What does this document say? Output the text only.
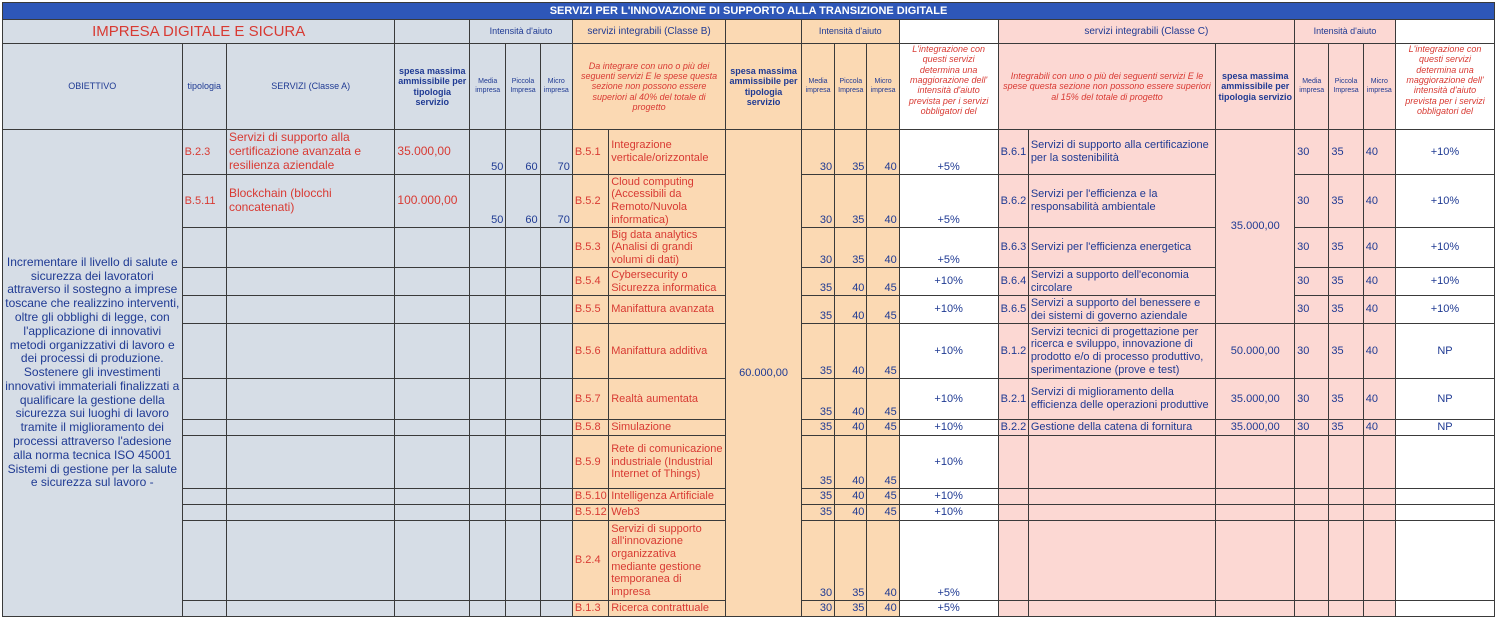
SERVIZI PER L'INNOVAZIONE DI SUPPORTO ALLA TRANSIZIONE DIGITALE																				
IMPRESA DIGITALE E SICURA				Intensità d'aiuto			servizi integrabili (Classe B)			Intensità d'aiuto				servizi integrabili (Classe C)			Intensità d'aiuto			
OBIETTIVO	tipologia	SERVIZI (Classe A)	spesa massima ammissibile per tipologia servizio	Media impresa	Piccola Impresa	Micro impresa	Da integrare con uno o più dei seguenti servizi E le spese questa sezione non possono essere superiori al 40% del totale di progetto		spesa massima ammissibile per tipologia servizio	Media impresa	Piccola Impresa	Micro impresa	L'integrazione con questi servizi determina una maggiorazione dell' intensità d'aiuto prevista per i servizi obbligatori del	Integrabili con uno o più dei seguenti servizi E le spese questa sezione non possono essere superiori al 15% del totale di progetto		spesa massima ammissibile per tipologia servizio	Media impresa	Piccola Impresa	Micro impresa	L'integrazione con questi servizi determina una maggiorazione dell' intensità d'aiuto prevista per i servizi obbligatori del
Incrementare il livello di salute e sicurezza dei lavoratori attraverso il sostegno a imprese toscane che realizzino interventi, oltre gli obblighi di legge, con l'applicazione di innovativi metodi organizzativi di lavoro e dei processi di produzione. Sostenere gli investimenti innovativi immateriali finalizzati a qualificare la gestione della sicurezza sui luoghi di lavoro tramite il miglioramento dei processi attraverso l'adesione alla norma tecnica ISO 45001 Sistemi di gestione per la salute e sicurezza sul lavoro -	B.2.3	Servizi di supporto alla certificazione avanzata e resilienza aziendale	35.000,00	50	60	70	B.5.1	Integrazione verticale/orizzontale	60.000,00	30	35	40	+5%	B.6.1	Servizi di supporto alla certificazione per la sostenibilità	35.000,00	30	35	40	+10%
	B.5.11	Blockchain (blocchi concatenati)	100.000,00	50	60	70	B.5.2	Cloud computing (Accessibili da Remoto/Nuvola informatica)		30	35	40	+5%	B.6.2	Servizi per l'efficienza e la responsabilità ambientale		30	35	40	+10%
							B.5.3	Big data analytics (Analisi di grandi volumi di dati)		30	35	40	+5%	B.6.3	Servizi per l'efficienza energetica		30	35	40	+10%
							B.5.4	Cybersecurity o Sicurezza informatica		35	40	45	+10%	B.6.4	Servizi a supporto dell'economia circolare		30	35	40	+10%
							B.5.5	Manifattura avanzata		35	40	45	+10%	B.6.5	Servizi a supporto del benessere e dei sistemi di governo aziendale		30	35	40	+10%
							B.5.6	Manifattura additiva		35	40	45	+10%	B.1.2	Servizi tecnici di progettazione per ricerca e sviluppo, innovazione di prodotto e/o di processo produttivo, sperimentazione (prove e test)	50.000,00	30	35	40	NP
							B.5.7	Realtà aumentata		35	40	45	+10%	B.2.1	Servizi di miglioramento della efficienza delle operazioni produttive	35.000,00	30	35	40	NP
							B.5.8	Simulazione		35	40	45	+10%	B.2.2	Gestione della catena di fornitura	35.000,00	30	35	40	NP
							B.5.9	Rete di comunicazione industriale (Industrial Internet of Things)		35	40	45	+10%							
							B.5.10	Intelligenza Artificiale		35	40	45	+10%							
							B.5.12	Web3		35	40	45	+10%							
							B.2.4	Servizi di supporto all'innovazione organizzativa mediante gestione temporanea di impresa		30	35	40	+5%							
							B.1.3	Ricerca contrattuale		30	35	40	+5%							
